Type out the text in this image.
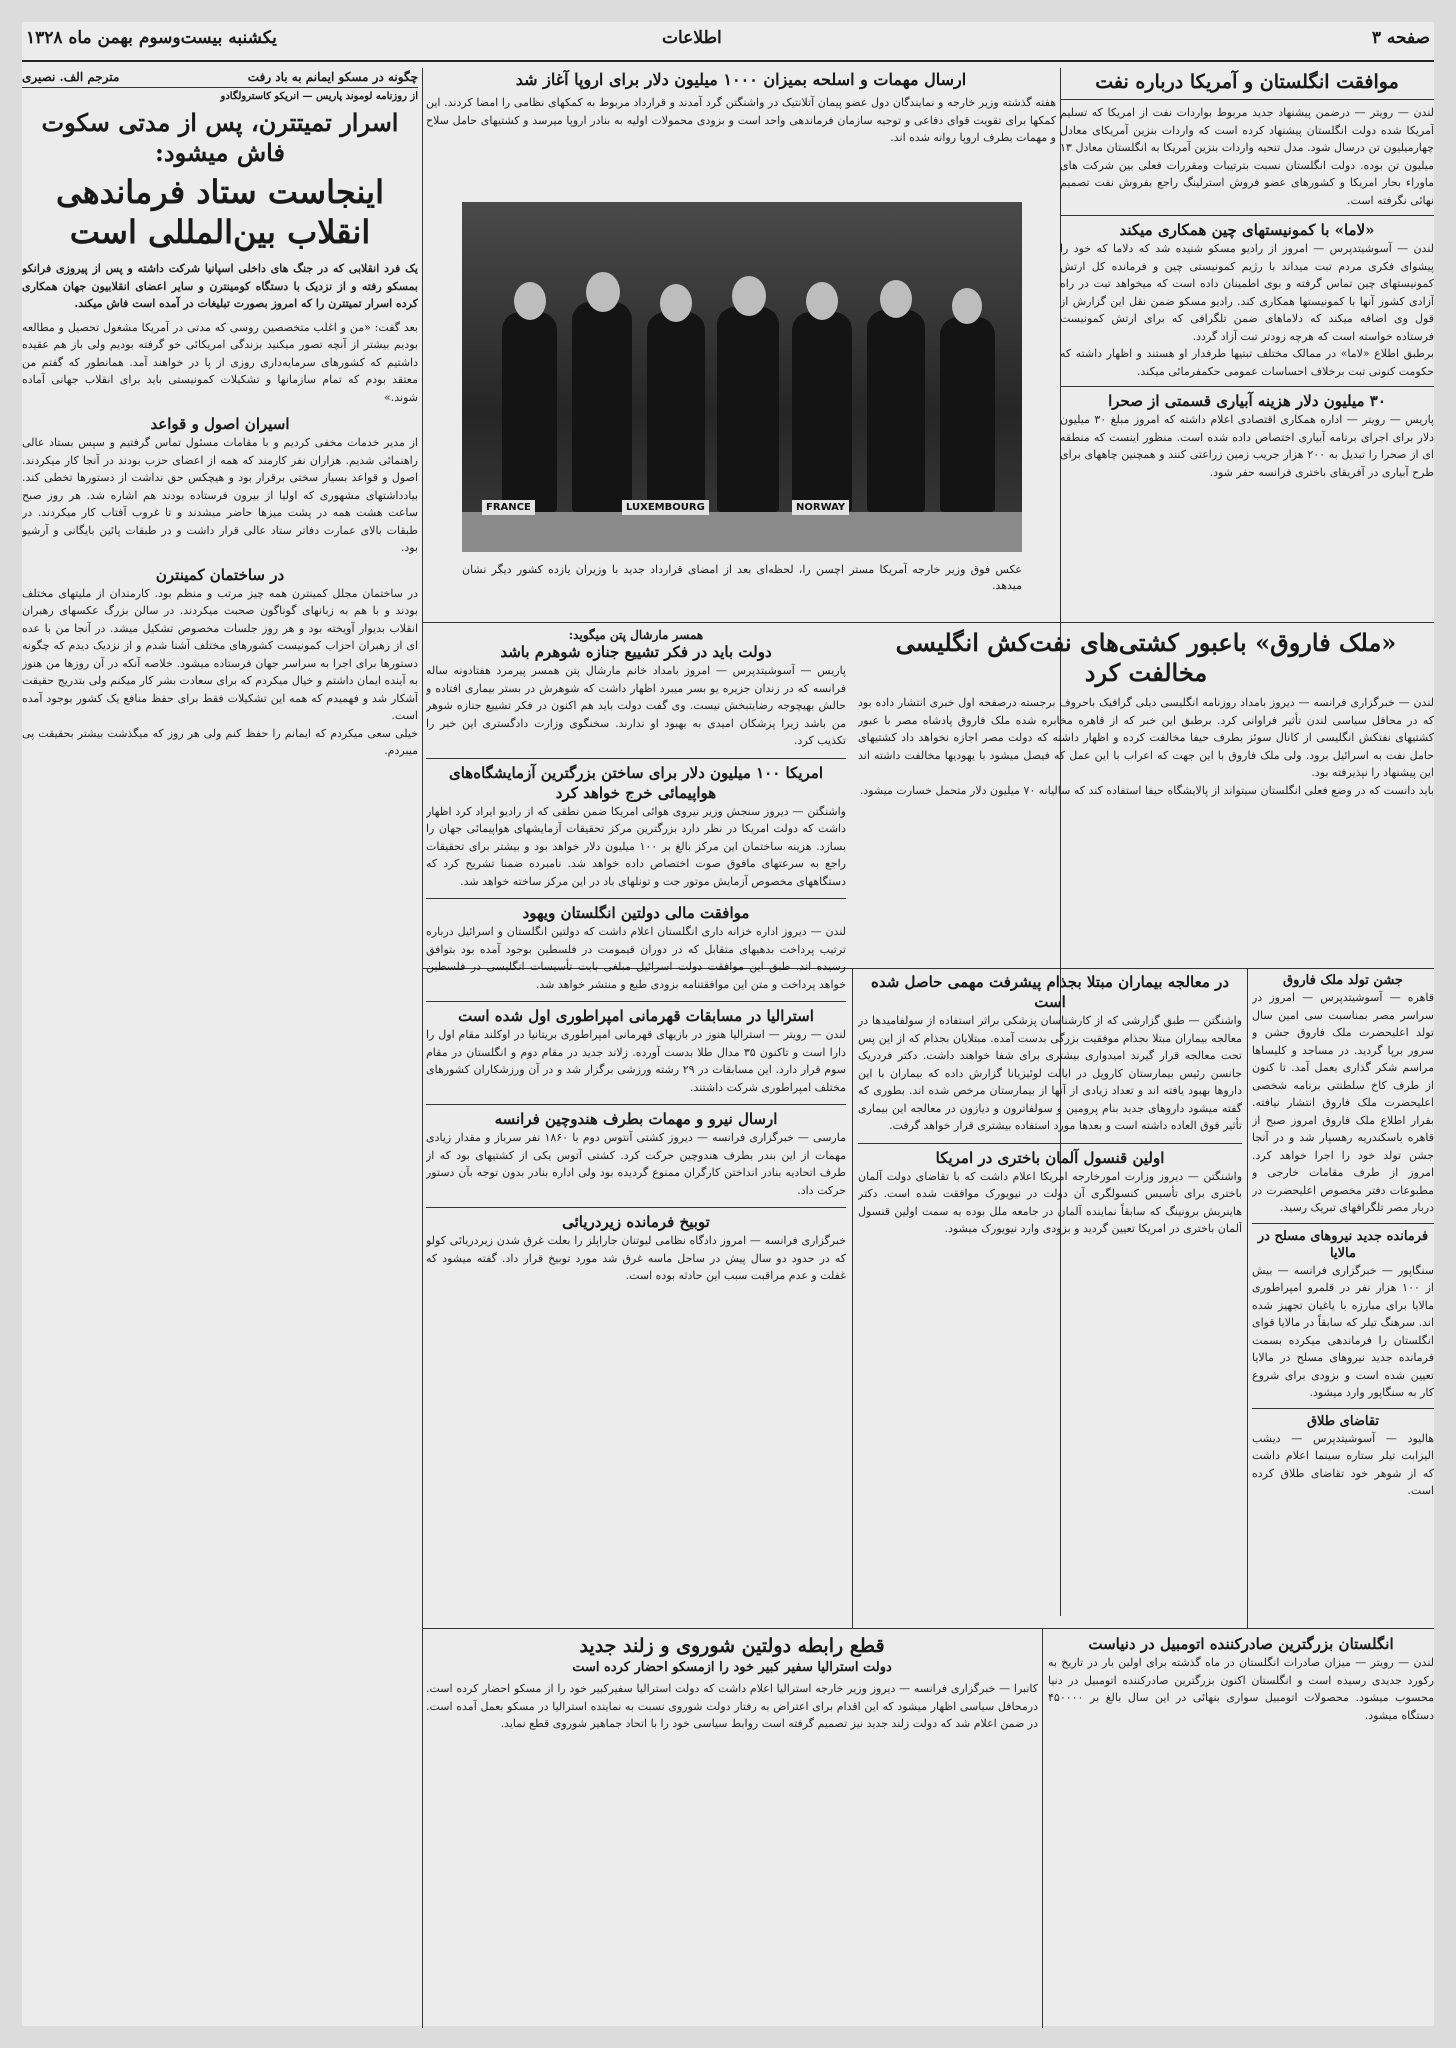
صفحه ۳
اطلاعات
یکشنبه بیست‌وسوم بهمن ماه ۱۳۲۸
موافقت انگلستان و آمریکا درباره نفت

لندن — رویتر — درضمن پیشنهاد جدید مربوط بواردات نفت از امریکا که تسلیم آمریکا شده دولت انگلستان پیشنهاد کرده است که واردات بنزین آمریکای معادل چهارمیلیون تن درسال شود. مدل تنحیه واردات بنزین آمریکا به انگلستان معادل ۱۳ میلیون تن بوده. دولت انگلستان نسبت بترتیبات ومقررات فعلی بین شرکت های ماوراء بحار امریکا و کشورهای عضو فروش استرلینگ راجع بفروش نفت تصمیم نهائی نگرفته است.

«لاما» با کمونیستهای چین همکاری میکند

لندن — آسوشیتدپرس — امروز از رادیو مسکو شنیده شد که دلاما که خود را پیشوای فکری مردم تبت میداند با رژیم کمونیستی چین و فرمانده کل ارتش کمونیستهای چین تماس گرفته و بوی اطمینان داده است که میخواهد تبت در راه آزادی کشور آنها با کمونیستها همکاری کند. رادیو مسکو ضمن نقل این گزارش از قول وی اضافه میکند که دلاماهای ضمن تلگرافی که برای ارتش کمونیست فرستاده خواسته است که هرچه زودتر تبت آزاد گردد.

برطبق اطلاع «لاما» در ممالک مختلف تبتیها طرفدار او هستند و اظهار داشته که حکومت کنونی تبت برخلاف احساسات عمومی حکمفرمائی میکند.

۳۰ میلیون دلار هزینه آبیاری قسمتی از صحرا

پاریس — رویتر — اداره همکاری اقتصادی اعلام داشته که امروز مبلغ ۳۰ میلیون دلار برای اجرای برنامه آبیاری اختصاص داده شده است. منظور اینست که منطقه ای از صحرا را تبدیل به ۲۰۰ هزار جریب زمین زراعتی کنند و همچنین چاههای برای طرح آبیاری در آفریقای باختری فرانسه حفر شود.

ارسال مهمات و اسلحه بمیزان ۱۰۰۰ میلیون دلار برای اروپا آغاز شد

هفته گذشته وزیر خارجه و نمایندگان دول عضو پیمان آتلانتیک در واشنگتن گرد آمدند و قرارداد مربوط به کمکهای نظامی را امضا کردند. این کمکها برای تقویت قوای دفاعی و توجیه سازمان فرماندهی واحد است و بزودی محمولات اولیه به بنادر اروپا میرسد و کشتیهای حامل سلاح و مهمات بطرف اروپا روانه شده اند.

FRANCE	LUXEMBOURG	NORWAY

عکس فوق وزیر خارجه آمریکا مستر اچسن را، لحظه‌ای بعد از امضای قرارداد جدید با وزیران یازده کشور دیگر نشان میدهد.

همسر مارشال پتن میگوید:

دولت باید در فکر تشییع جنازه شوهرم باشد

پاریس — آسوشیتدپرس — امروز بامداد خانم مارشال پتن همسر پیرمرد هفتادونه ساله فرانسه که در زندان جزیره یو بسر میبرد اظهار داشت که شوهرش در بستر بیماری افتاده و حالش بهیچوجه رضایتبخش نیست. وی گفت دولت باید هم اکنون در فکر تشییع جنازه شوهر من باشد زیرا پزشکان امیدی به بهبود او ندارند. سخنگوی وزارت دادگستری این خبر را تکذیب کرد.

امریکا ۱۰۰ میلیون دلار برای ساختن بزرگترین آزمایشگاه‌های هواپیمائی خرج خواهد کرد

واشنگتن — دیروز سنجش وزیر نیروی هوائی امریکا ضمن نطقی که از رادیو ایراد کرد اظهار داشت که دولت امریکا در نظر دارد بزرگترین مرکز تحقیقات آزمایشهای هواپیمائی جهان را بسازد. هزینه ساختمان این مرکز بالغ بر ۱۰۰ میلیون دلار خواهد بود و بیشتر برای تحقیقات راجع به سرعتهای مافوق صوت اختصاص داده خواهد شد. نامبرده ضمنا تشریح کرد که دستگاههای مخصوص آزمایش موتور جت و تونلهای باد در این مرکز ساخته خواهد شد.

موافقت مالی دولتین انگلستان ویهود

لندن — دیروز اداره خزانه داری انگلستان اعلام داشت که دولتین انگلستان و اسرائیل درباره ترتیب پرداخت بدهیهای متقابل که در دوران قیمومت در فلسطین بوجود آمده بود بتوافق رسیده اند. طبق این موافقت دولت اسرائیل مبلغی بابت تأسیسات انگلیسی در فلسطین خواهد پرداخت و متن این موافقتنامه بزودی طبع و منتشر خواهد شد.

استرالیا در مسابقات قهرمانی امپراطوری اول شده است

لندن — رویتر — استرالیا هنوز در بازیهای قهرمانی امپراطوری بریتانیا در اوکلند مقام اول را دارا است و تاکنون ۳۵ مدال طلا بدست آورده. زلاند جدید در مقام دوم و انگلستان در مقام سوم قرار دارد. این مسابقات در ۲۹ رشته ورزشی برگزار شد و در آن ورزشکاران کشورهای مختلف امپراطوری شرکت داشتند.

ارسال نیرو و مهمات بطرف هندوچین فرانسه

مارسی — خبرگزاری فرانسه — دیروز کشتی آنتوس دوم با ۱۸۶۰ نفر سرباز و مقدار زیادی مهمات از این بندر بطرف هندوچین حرکت کرد. کشتی آتوس یکی از کشتیهای بود که از طرف اتحادیه بنادر انداختن کارگران ممنوع گردیده بود ولی اداره بنادر بدون توجه بآن دستور حرکت داد.

توبیخ فرمانده زیردریائی

خبرگزاری فرانسه — امروز دادگاه نظامی لیوتنان جاراپلز را بعلت غرق شدن زیردریائی کولو که در حدود دو سال پیش در ساحل ماسه غرق شد مورد توبیخ قرار داد. گفته میشود که غفلت و عدم مراقبت سبب این حادثه بوده است.

«ملک فاروق» باعبور کشتی‌های نفت‌کش انگلیسی مخالفت کرد

لندن — خبرگزاری فرانسه — دیروز بامداد روزنامه انگلیسی دیلی گرافیک باحروف برجسته درصفحه اول خبری انتشار داده بود که در محافل سیاسی لندن تأثیر فراوانی کرد. برطبق این خبر که از قاهره مخابره شده ملک فاروق پادشاه مصر با عبور کشتیهای نفتکش انگلیسی از کانال سوئز بطرف حیفا مخالفت کرده و اظهار داشته که دولت مصر اجازه نخواهد داد کشتیهای حامل نفت به اسرائیل برود. ولی ملک فاروق با این جهت که اعراب با این عمل که فیصل میشود با یهودیها مخالفت داشته اند این پیشنهاد را نپذیرفته بود.

باید دانست که در وضع فعلی انگلستان سیتواند از پالایشگاه حیفا استفاده کند که سالیانه ۷۰ میلیون دلار متحمل خسارت میشود.

در معالجه بیماران مبتلا بجذام پیشرفت مهمی حاصل شده است

واشنگتن — طبق گزارشی که از کارشناسان پزشکی براثر استفاده از سولفامیدها در معالجه بیماران مبتلا بجذام موفقیت بزرگی بدست آمده. مبتلایان بجذام که از این پس تحت معالجه قرار گیرند امیدواری بیشتری برای شفا خواهند داشت. دکتر فردریک جانسن رئیس بیمارستان کاروپل در ایالت لوئیزیانا گزارش داده که بیماران با این داروها بهبود یافته اند و تعداد زیادی از آنها از بیمارستان مرخص شده اند. بطوری که گفته میشود داروهای جدید بنام پرومین و سولفاترون و دیازون در معالجه این بیماری تأثیر فوق العاده داشته است و بعدها مورد استفاده بیشتری قرار خواهد گرفت.

اولین قنسول آلمان باختری در امریکا

واشنگتن — دیروز وزارت امورخارجه امریکا اعلام داشت که با تقاضای دولت آلمان باختری برای تأسیس کنسولگری آن دولت در نیویورک موافقت شده است. دکتر هاینریش برونینگ که سابقاً نماینده آلمان در جامعه ملل بوده به سمت اولین قنسول آلمان باختری در امریکا تعیین گردید و بزودی وارد نیویورک میشود.

جشن تولد ملک فاروق

قاهره — آسوشیتدپرس — امروز در سراسر مصر بمناسبت سی امین سال تولد اعلیحضرت ملک فاروق جشن و سرور برپا گردید. در مساجد و کلیساها مراسم شکر گذاری بعمل آمد. تا کنون از طرف کاخ سلطنتی برنامه شخصی اعلیحضرت ملک فاروق انتشار نیافته. بقرار اطلاع ملک فاروق امروز صبح از قاهره باسکندریه رهسپار شد و در آنجا جشن تولد خود را اجرا خواهد کرد. امروز از طرف مقامات خارجی و مطبوعات دفتر مخصوص اعلیحضرت در دربار مصر تلگرافهای تبریک رسید.

فرمانده جدید نیروهای مسلح در مالایا

سنگاپور — خبرگزاری فرانسه — بیش از ۱۰۰ هزار نفر در قلمرو امپراطوری مالایا برای مبارزه با یاغیان تجهیز شده اند. سرهنگ تیلر که سابقاً در مالایا قوای انگلستان را فرماندهی میکرده بسمت فرمانده جدید نیروهای مسلح در مالایا تعیین شده است و بزودی برای شروع کار به سنگاپور وارد میشود.

تقاضای طلاق

هالیود — آسوشیتدپرس — دیشب الیزابت تیلر ستاره سینما اعلام داشت که از شوهر خود تقاضای طلاق کرده است.

قطع رابطه دولتین شوروی و زلند جدید
دولت استرالیا سفیر کبیر خود را ازمسکو احضار کرده است

کانبرا — خبرگزاری فرانسه — دیروز وزیر خارجه استرالیا اعلام داشت که دولت استرالیا سفیرکبیر خود را از مسکو احضار کرده است. درمحافل سیاسی اظهار میشود که این اقدام برای اعتراض به رفتار دولت شوروی نسبت به نماینده استرالیا در مسکو بعمل آمده است. در ضمن اعلام شد که دولت زلند جدید نیز تصمیم گرفته است روابط سیاسی خود را با اتحاد جماهیر شوروی قطع نماید.

انگلستان بزرگترین صادرکننده اتومبیل در دنیاست

لندن — رویتر — میزان صادرات انگلستان در ماه گذشته برای اولین بار در تاریخ به رکورد جدیدی رسیده است و انگلستان اکنون بزرگترین صادرکننده اتومبیل در دنیا محسوب میشود. محصولات اتومبیل سواری بنهائی در این سال بالغ بر ۴۵۰۰۰۰ دستگاه میشود.

چگونه در مسکو ایمانم به باد رفت
مترجم الف. نصیری

از روزنامه لوموند پاریس — انریکو کاسترولگادو

اسرار تمیتترن، پس از مدتی سکوت فاش میشود:
اینجاست ستاد فرماندهی انقلاب بین‌المللی است

یک فرد انقلابی که در جنگ های داخلی اسپانیا شرکت داشته و پس از پیروزی فرانکو بمسکو رفته و از نزدیک با دستگاه کومینترن و سایر اعضای انقلابیون جهان همکاری کرده اسرار تمیتترن را که امروز بصورت تبلیغات در آمده است فاش میکند.

بعد گفت: «من و اغلب متخصصین روسی که مدتی در آمریکا مشغول تحصیل و مطالعه بودیم بیشتر از آنچه تصور میکنید بزندگی امریکائی خو گرفته بودیم ولی باز هم عقیده داشتیم که کشورهای سرمایه‌داری روزی از پا در خواهند آمد. همانطور که گفتم من معتقد بودم که تمام سازمانها و تشکیلات کمونیستی باید برای انقلاب جهانی آماده شوند.»

اسیران اصول و قواعد

از مدیر خدمات مخفی کردیم و با مقامات مسئول تماس گرفتیم و سپس بستاد عالی راهنمائی شدیم. هزاران نفر کارمند که همه از اعضای حزب بودند در آنجا کار میکردند. اصول و قواعد بسیار سختی برقرار بود و هیچکس حق نداشت از دستورها تخطی کند. بیادداشتهای مشهوری که اولیا از بیرون فرستاده بودند هم اشاره شد. هر روز صبح ساعت هشت همه در پشت میزها حاضر میشدند و تا غروب آفتاب کار میکردند. در طبقات بالای عمارت دفاتر ستاد عالی قرار داشت و در طبقات پائین بایگانی و آرشیو بود.

در ساختمان کمینترن

در ساختمان مجلل کمینترن همه چیز مرتب و منظم بود. کارمندان از ملیتهای مختلف بودند و با هم به زبانهای گوناگون صحبت میکردند. در سالن بزرگ عکسهای رهبران انقلاب بدیوار آویخته بود و هر روز جلسات مخصوص تشکیل میشد. در آنجا من با عده ای از رهبران احزاب کمونیست کشورهای مختلف آشنا شدم و از نزدیک دیدم که چگونه دستورها برای اجرا به سراسر جهان فرستاده میشود. خلاصه آنکه در آن روزها من هنوز به آینده ایمان داشتم و خیال میکردم که برای سعادت بشر کار میکنم ولی بتدریج حقیقت آشکار شد و فهمیدم که همه این تشکیلات فقط برای حفظ منافع یک کشور بوجود آمده است.

خیلی سعی میکردم که ایمانم را حفظ کنم ولی هر روز که میگذشت بیشتر بحقیقت پی میبردم.
